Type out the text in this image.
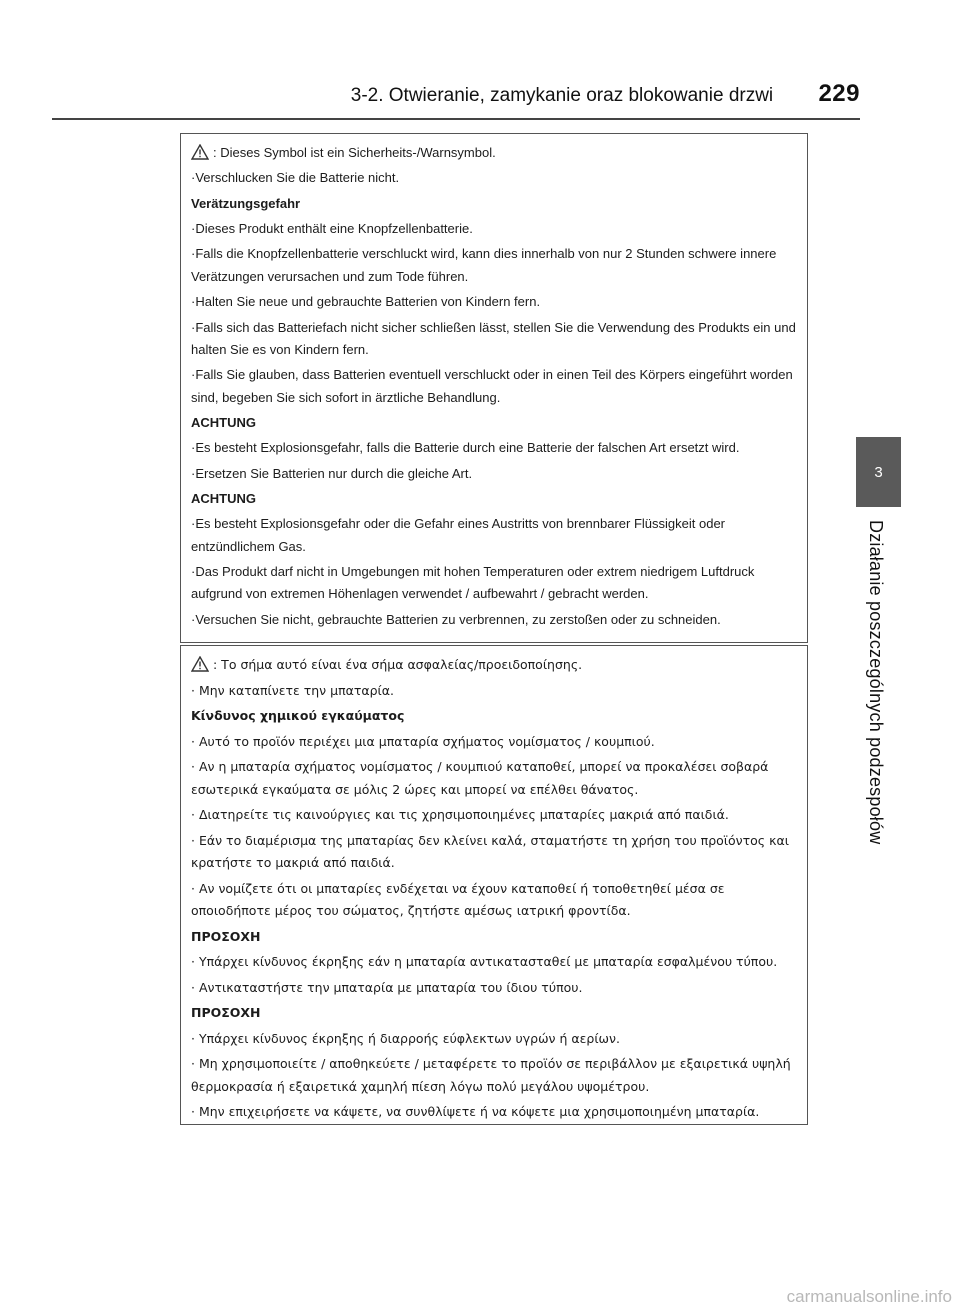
3-2. Otwieranie, zamykanie oraz blokowanie drzwi 229
3
Działanie poszczególnych podzespołów

: Dieses Symbol ist ein Sicherheits-/Warnsymbol.

·Verschlucken Sie die Batterie nicht.

Verätzungsgefahr

·Dieses Produkt enthält eine Knopfzellenbatterie.

·Falls die Knopfzellenbatterie verschluckt wird, kann dies innerhalb von nur 2 Stunden schwere innere Verätzungen verursachen und zum Tode führen.

·Halten Sie neue und gebrauchte Batterien von Kindern fern.

·Falls sich das Batteriefach nicht sicher schließen lässt, stellen Sie die Verwendung des Produkts ein und halten Sie es von Kindern fern.

·Falls Sie glauben, dass Batterien eventuell verschluckt oder in einen Teil des Körpers eingeführt worden sind, begeben Sie sich sofort in ärztliche Behandlung.

ACHTUNG

·Es besteht Explosionsgefahr, falls die Batterie durch eine Batterie der falschen Art ersetzt wird.

·Ersetzen Sie Batterien nur durch die gleiche Art.

ACHTUNG

·Es besteht Explosionsgefahr oder die Gefahr eines Austritts von brennbarer Flüssigkeit oder entzündlichem Gas.

·Das Produkt darf nicht in Umgebungen mit hohen Temperaturen oder extrem niedrigem Luftdruck aufgrund von extremen Höhenlagen verwendet / aufbewahrt / gebracht werden.

·Versuchen Sie nicht, gebrauchte Batterien zu verbrennen, zu zerstoßen oder zu schneiden.

: Το σήμα αυτό είναι ένα σήμα ασφαλείας/προειδοποίησης.

· Μην καταπίνετε την μπαταρία.

Κίνδυνος χημικού εγκαύματος

· Αυτό το προϊόν περιέχει μια μπαταρία σχήματος νομίσματος / κουμπιού.

· Αν η μπαταρία σχήματος νομίσματος / κουμπιού καταποθεί, μπορεί να προκαλέσει σοβαρά εσωτερικά εγκαύματα σε μόλις 2 ώρες και μπορεί να επέλθει θάνατος.

· Διατηρείτε τις καινούργιες και τις χρησιμοποιημένες μπαταρίες μακριά από παιδιά.

· Εάν το διαμέρισμα της μπαταρίας δεν κλείνει καλά, σταματήστε τη χρήση του προϊόντος και κρατήστε το μακριά από παιδιά.

· Αν νομίζετε ότι οι μπαταρίες ενδέχεται να έχουν καταποθεί ή τοποθετηθεί μέσα σε οποιοδήποτε μέρος του σώματος, ζητήστε αμέσως ιατρική φροντίδα.

ΠΡΟΣΟΧΗ

· Υπάρχει κίνδυνος έκρηξης εάν η μπαταρία αντικατασταθεί με μπαταρία εσφαλμένου τύπου.

· Αντικαταστήστε την μπαταρία με μπαταρία του ίδιου τύπου.

ΠΡΟΣΟΧΗ

· Υπάρχει κίνδυνος έκρηξης ή διαρροής εύφλεκτων υγρών ή αερίων.

· Μη χρησιμοποιείτε / αποθηκεύετε / μεταφέρετε το προϊόν σε περιβάλλον με εξαιρετικά υψηλή θερμοκρασία ή εξαιρετικά χαμηλή πίεση λόγω πολύ μεγάλου υψομέτρου.

· Μην επιχειρήσετε να κάψετε, να συνθλίψετε ή να κόψετε μια χρησιμοποιημένη μπαταρία.

carmanualsonline.info
